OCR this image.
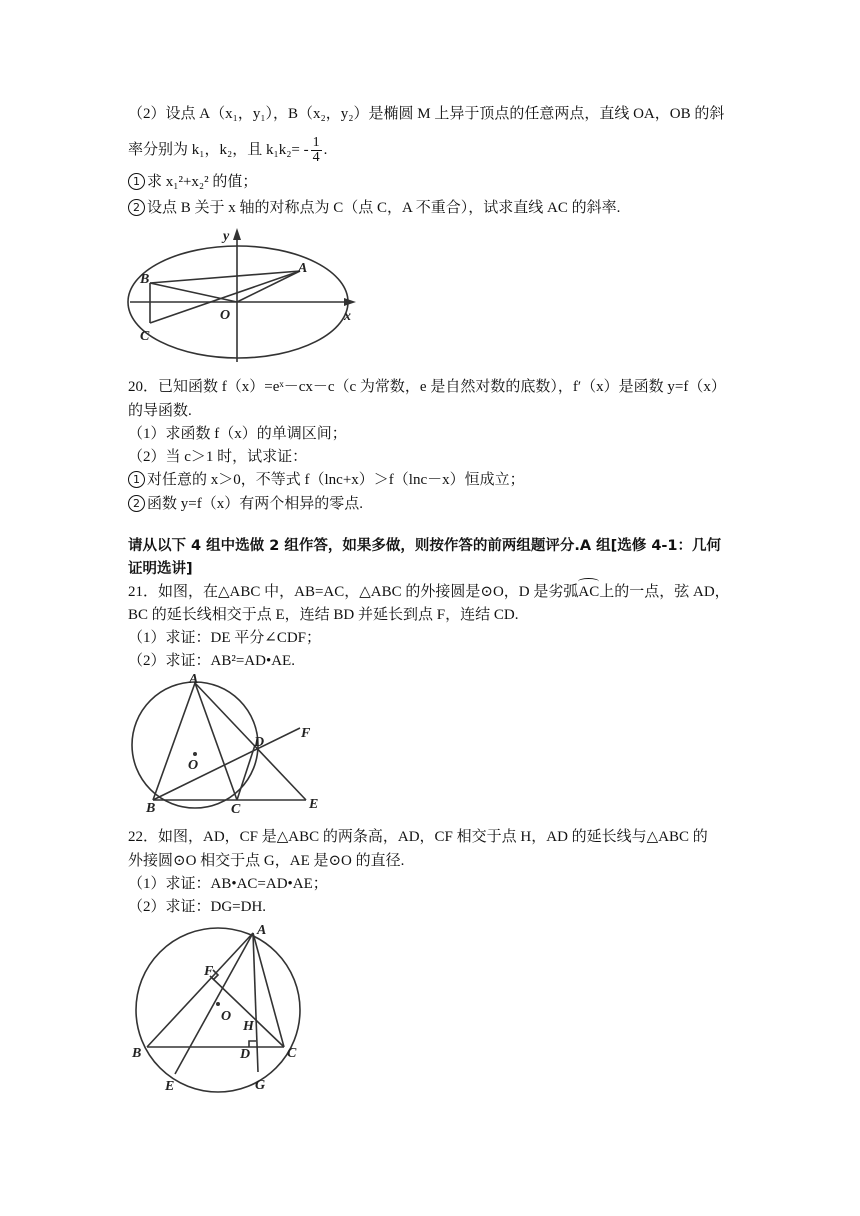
（2）设点 A（x₁，y₁），B（x₂，y₂）是椭圆 M 上异于顶点的任意两点，直线 OA，OB 的斜
率分别为 k₁，k₂，且 $k_1k_2= - \frac{1}{4}$ .
1 求 x₁²+x₂² 的值；
2 设点 B 关于 x 轴的对称点为 C（点 C，A 不重合），试求直线 AC 的斜率.
y
x
A
B
C
O
20．已知函数 f（x）=eˣ－cx－c（c 为常数，e 是自然对数的底数），f′（x）是函数 y=f（x）
的导函数.
（1）求函数 f（x）的单调区间；
（2）当 c＞1 时，试求证：
1 对任意的 x＞0，不等式 f（lnc+x）＞f（lnc－x）恒成立；
2 函数 y=f（x）有两个相异的零点.
请从以下 4 组中选做 2 组作答，如果多做，则按作答的前两组题评分.A 组[选修 4-1：几何
证明选讲]
21．如图，在△ABC 中，AB=AC，△ABC 的外接圆是⊙O，D 是劣弧AC上的一点，弦 AD，
BC 的延长线相交于点 E，连结 BD 并延长到点 F，连结 CD.
（1）求证：DE 平分∠CDF；
（2）求证：AB²=AD•AE.
A
B	C
D
E
F
O
22．如图，AD，CF 是△ABC 的两条高，AD，CF 相交于点 H，AD 的延长线与△ABC 的
外接圆⊙O 相交于点 G，AE 是⊙O 的直径.
（1）求证：AB•AC=AD•AE；
（2）求证：DG=DH.
A
B	C
D
E
F
G
H
O
